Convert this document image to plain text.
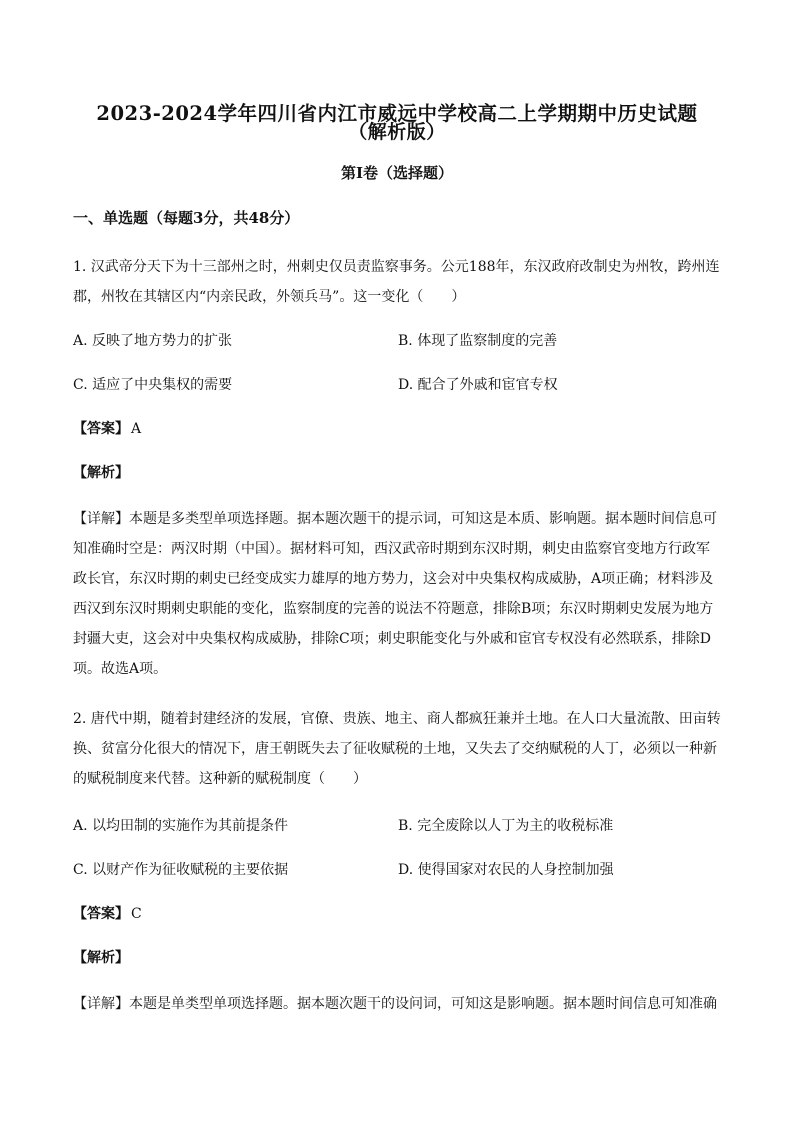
2023-2024学年四川省内江市威远中学校高二上学期期中历史试题
（解析版）
第Ⅰ卷（选择题）
一、单选题（每题3分，共48分）
1. 汉武帝分天下为十三部州之时，州刺史仅员责监察事务。公元188年，东汉政府改制史为州牧，跨州连
郡，州牧在其辖区内“内亲民政，外领兵马”。这一变化（　　）
A. 反映了地方势力的扩张	B. 体现了监察制度的完善
C. 适应了中央集权的需要	D. 配合了外戚和宦官专权
【答案】 A
【解析】
【详解】本题是多类型单项选择题。据本题次题干的提示词，可知这是本质、影响题。据本题时间信息可
知准确时空是：两汉时期（中国）。据材料可知，西汉武帝时期到东汉时期，刺史由监察官变地方行政军
政长官，东汉时期的刺史已经变成实力雄厚的地方势力，这会对中央集权构成威胁，A项正确；材料涉及
西汉到东汉时期刺史职能的变化，监察制度的完善的说法不符题意，排除B项；东汉时期刺史发展为地方
封疆大吏，这会对中央集权构成威胁，排除C项；刺史职能变化与外戚和宦官专权没有必然联系，排除D
项。故选A项。
2. 唐代中期，随着封建经济的发展，官僚、贵族、地主、商人都疯狂兼并土地。在人口大量流散、田亩转
换、贫富分化很大的情况下，唐王朝既失去了征收赋税的土地，又失去了交纳赋税的人丁，必须以一种新
的赋税制度来代替。这种新的赋税制度（　　）
A. 以均田制的实施作为其前提条件	B. 完全废除以人丁为主的收税标准
C. 以财产作为征收赋税的主要依据	D. 使得国家对农民的人身控制加强
【答案】 C
【解析】
【详解】本题是单类型单项选择题。据本题次题干的设问词，可知这是影响题。据本题时间信息可知准确
